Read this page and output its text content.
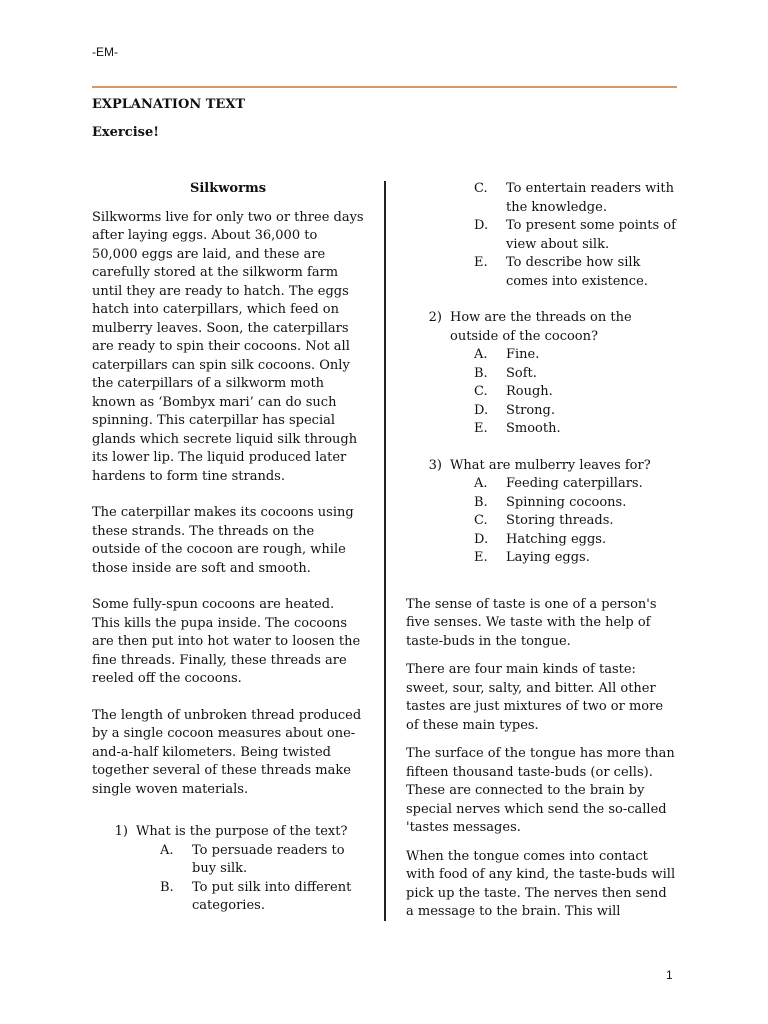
-EM-
EXPLANATION TEXT
Exercise!
Silkworms

Silkworms live for only two or three days after laying eggs. About 36,000 to 50,000 eggs are laid, and these are carefully stored at the silkworm farm until they are ready to hatch. The eggs hatch into caterpillars, which feed on mulberry leaves. Soon, the caterpillars are ready to spin their cocoons. Not all caterpillars can spin silk cocoons. Only the caterpillars of a silkworm moth known as ‘Bombyx mari’ can do such spinning. This caterpillar has special glands which secrete liquid silk through its lower lip. The liquid produced later hardens to form tine strands.

The caterpillar makes its cocoons using these strands. The threads on the outside of the cocoon are rough, while those inside are soft and smooth.

Some fully-spun cocoons are heated. This kills the pupa inside. The cocoons are then put into hot water to loosen the fine threads. Finally, these threads are reeled off the cocoons.

The length of unbroken thread produced by a single cocoon measures about one-and-a-half kilometers. Being twisted together several of these threads make single woven materials.

1) What is the purpose of the text?
A.	To persuade readers to buy silk.
B.	To put silk into different categories.
C.	To entertain readers with the knowledge.
D.	To present some points of view about silk.
E.	To describe how silk comes into existence.
2) How are the threads on the outside of the cocoon?
A.	Fine.
B.	Soft.
C.	Rough.
D.	Strong.
E.	Smooth.
3) What are mulberry leaves for?
A.	Feeding caterpillars.
B.	Spinning cocoons.
C.	Storing threads.
D.	Hatching eggs.
E.	Laying eggs.

The sense of taste is one of a person's five senses. We taste with the help of taste-buds in the tongue.

There are four main kinds of taste: sweet, sour, salty, and bitter. All other tastes are just mixtures of two or more of these main types.

The surface of the tongue has more than fifteen thousand taste-buds (or cells). These are connected to the brain by special nerves which send the so-called 'tastes messages.

When the tongue comes into contact with food of any kind, the taste-buds will pick up the taste. The nerves then send a message to the brain. This will

1
